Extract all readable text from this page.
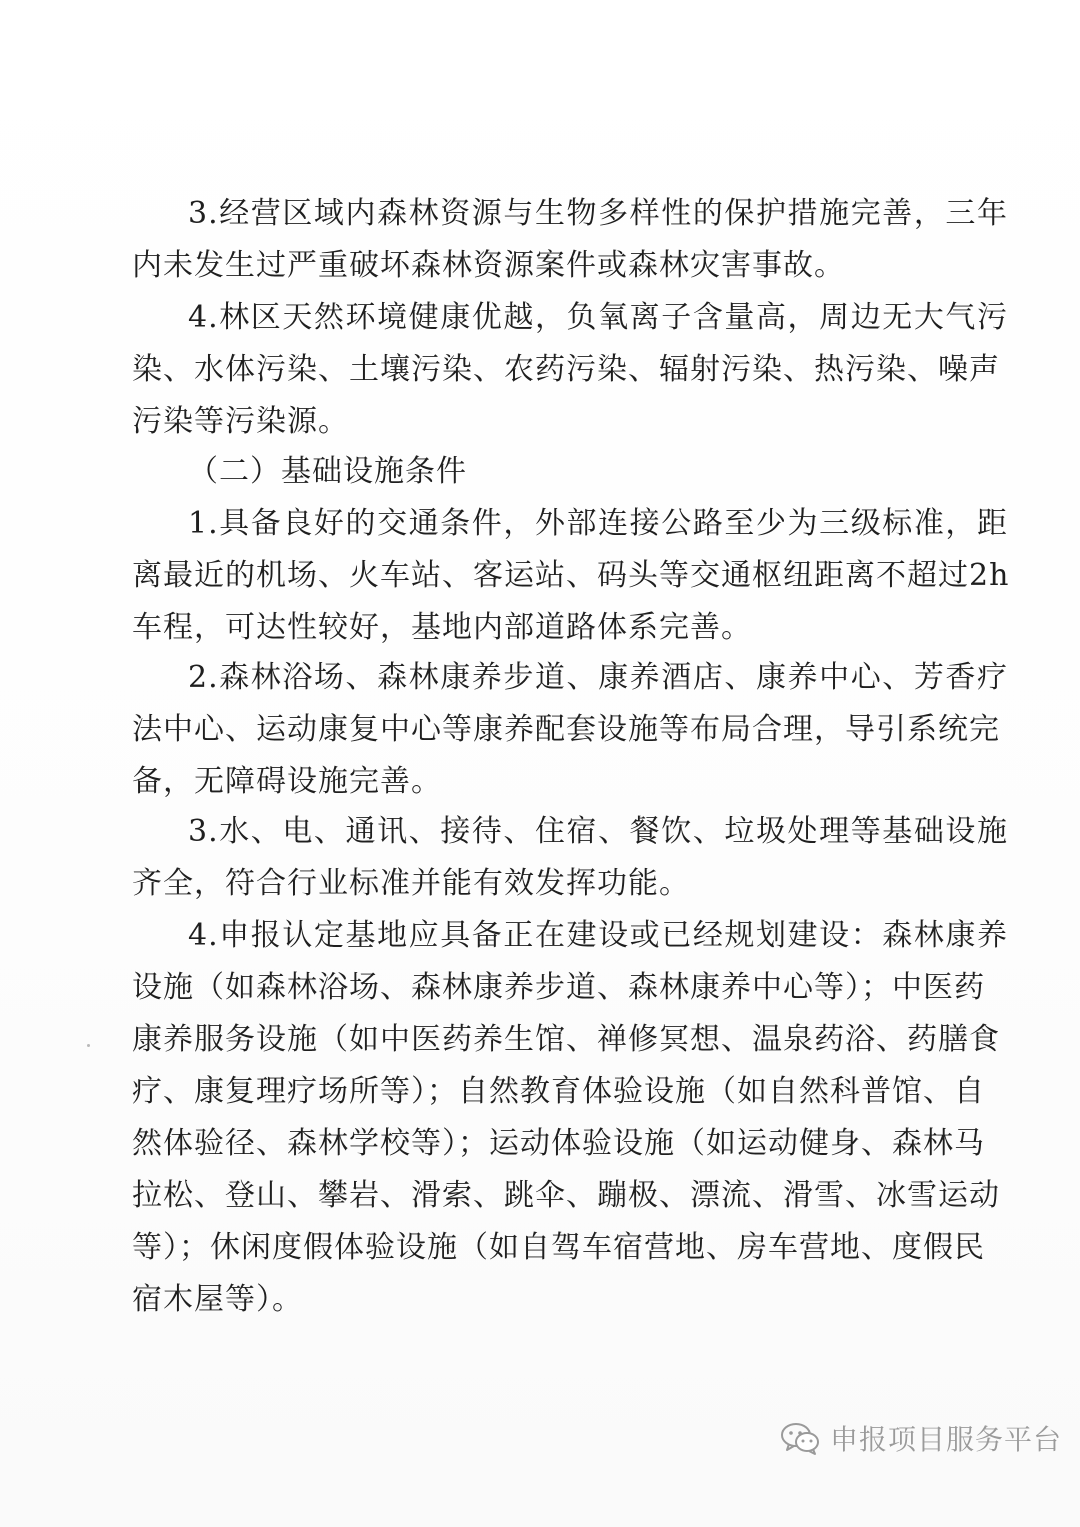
3.经营区域内森林资源与生物多样性的保护措施完善，三年

内未发生过严重破坏森林资源案件或森林灾害事故。

4.林区天然环境健康优越，负氧离子含量高，周边无大气污

染、水体污染、土壤污染、农药污染、辐射污染、热污染、噪声

污染等污染源。

（二）基础设施条件

1.具备良好的交通条件，外部连接公路至少为三级标准，距

离最近的机场、火车站、客运站、码头等交通枢纽距离不超过2h

车程，可达性较好，基地内部道路体系完善。

2.森林浴场、森林康养步道、康养酒店、康养中心、芳香疗

法中心、运动康复中心等康养配套设施等布局合理，导引系统完

备，无障碍设施完善。

3.水、电、通讯、接待、住宿、餐饮、垃圾处理等基础设施

齐全，符合行业标准并能有效发挥功能。

4.申报认定基地应具备正在建设或已经规划建设：森林康养

设施（如森林浴场、森林康养步道、森林康养中心等）；中医药

康养服务设施（如中医药养生馆、禅修冥想、温泉药浴、药膳食

疗、康复理疗场所等）；自然教育体验设施（如自然科普馆、自

然体验径、森林学校等）；运动体验设施（如运动健身、森林马

拉松、登山、攀岩、滑索、跳伞、蹦极、漂流、滑雪、冰雪运动

等）；休闲度假体验设施（如自驾车宿营地、房车营地、度假民

宿木屋等）。

申报项目服务平台
